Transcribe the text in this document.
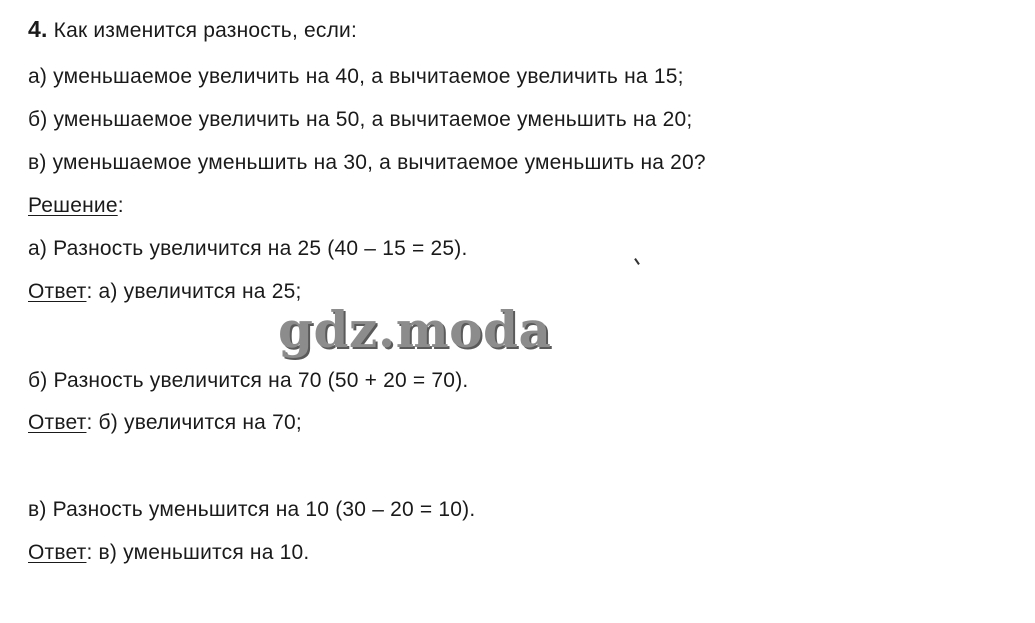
4. Как изменится разность, если:
а) уменьшаемое увеличить на 40, а вычитаемое увеличить на 15;
б) уменьшаемое увеличить на 50, а вычитаемое уменьшить на 20;
в) уменьшаемое уменьшить на 30, а вычитаемое уменьшить на 20?
Решение:
а) Разность увеличится на 25 (40 – 15 = 25).
Ответ: а) увеличится на 25;
gdz.moda
б) Разность увеличится на 70 (50 + 20 = 70).
Ответ: б) увеличится на 70;
в) Разность уменьшится на 10 (30 – 20 = 10).
Ответ: в) уменьшится на 10.
